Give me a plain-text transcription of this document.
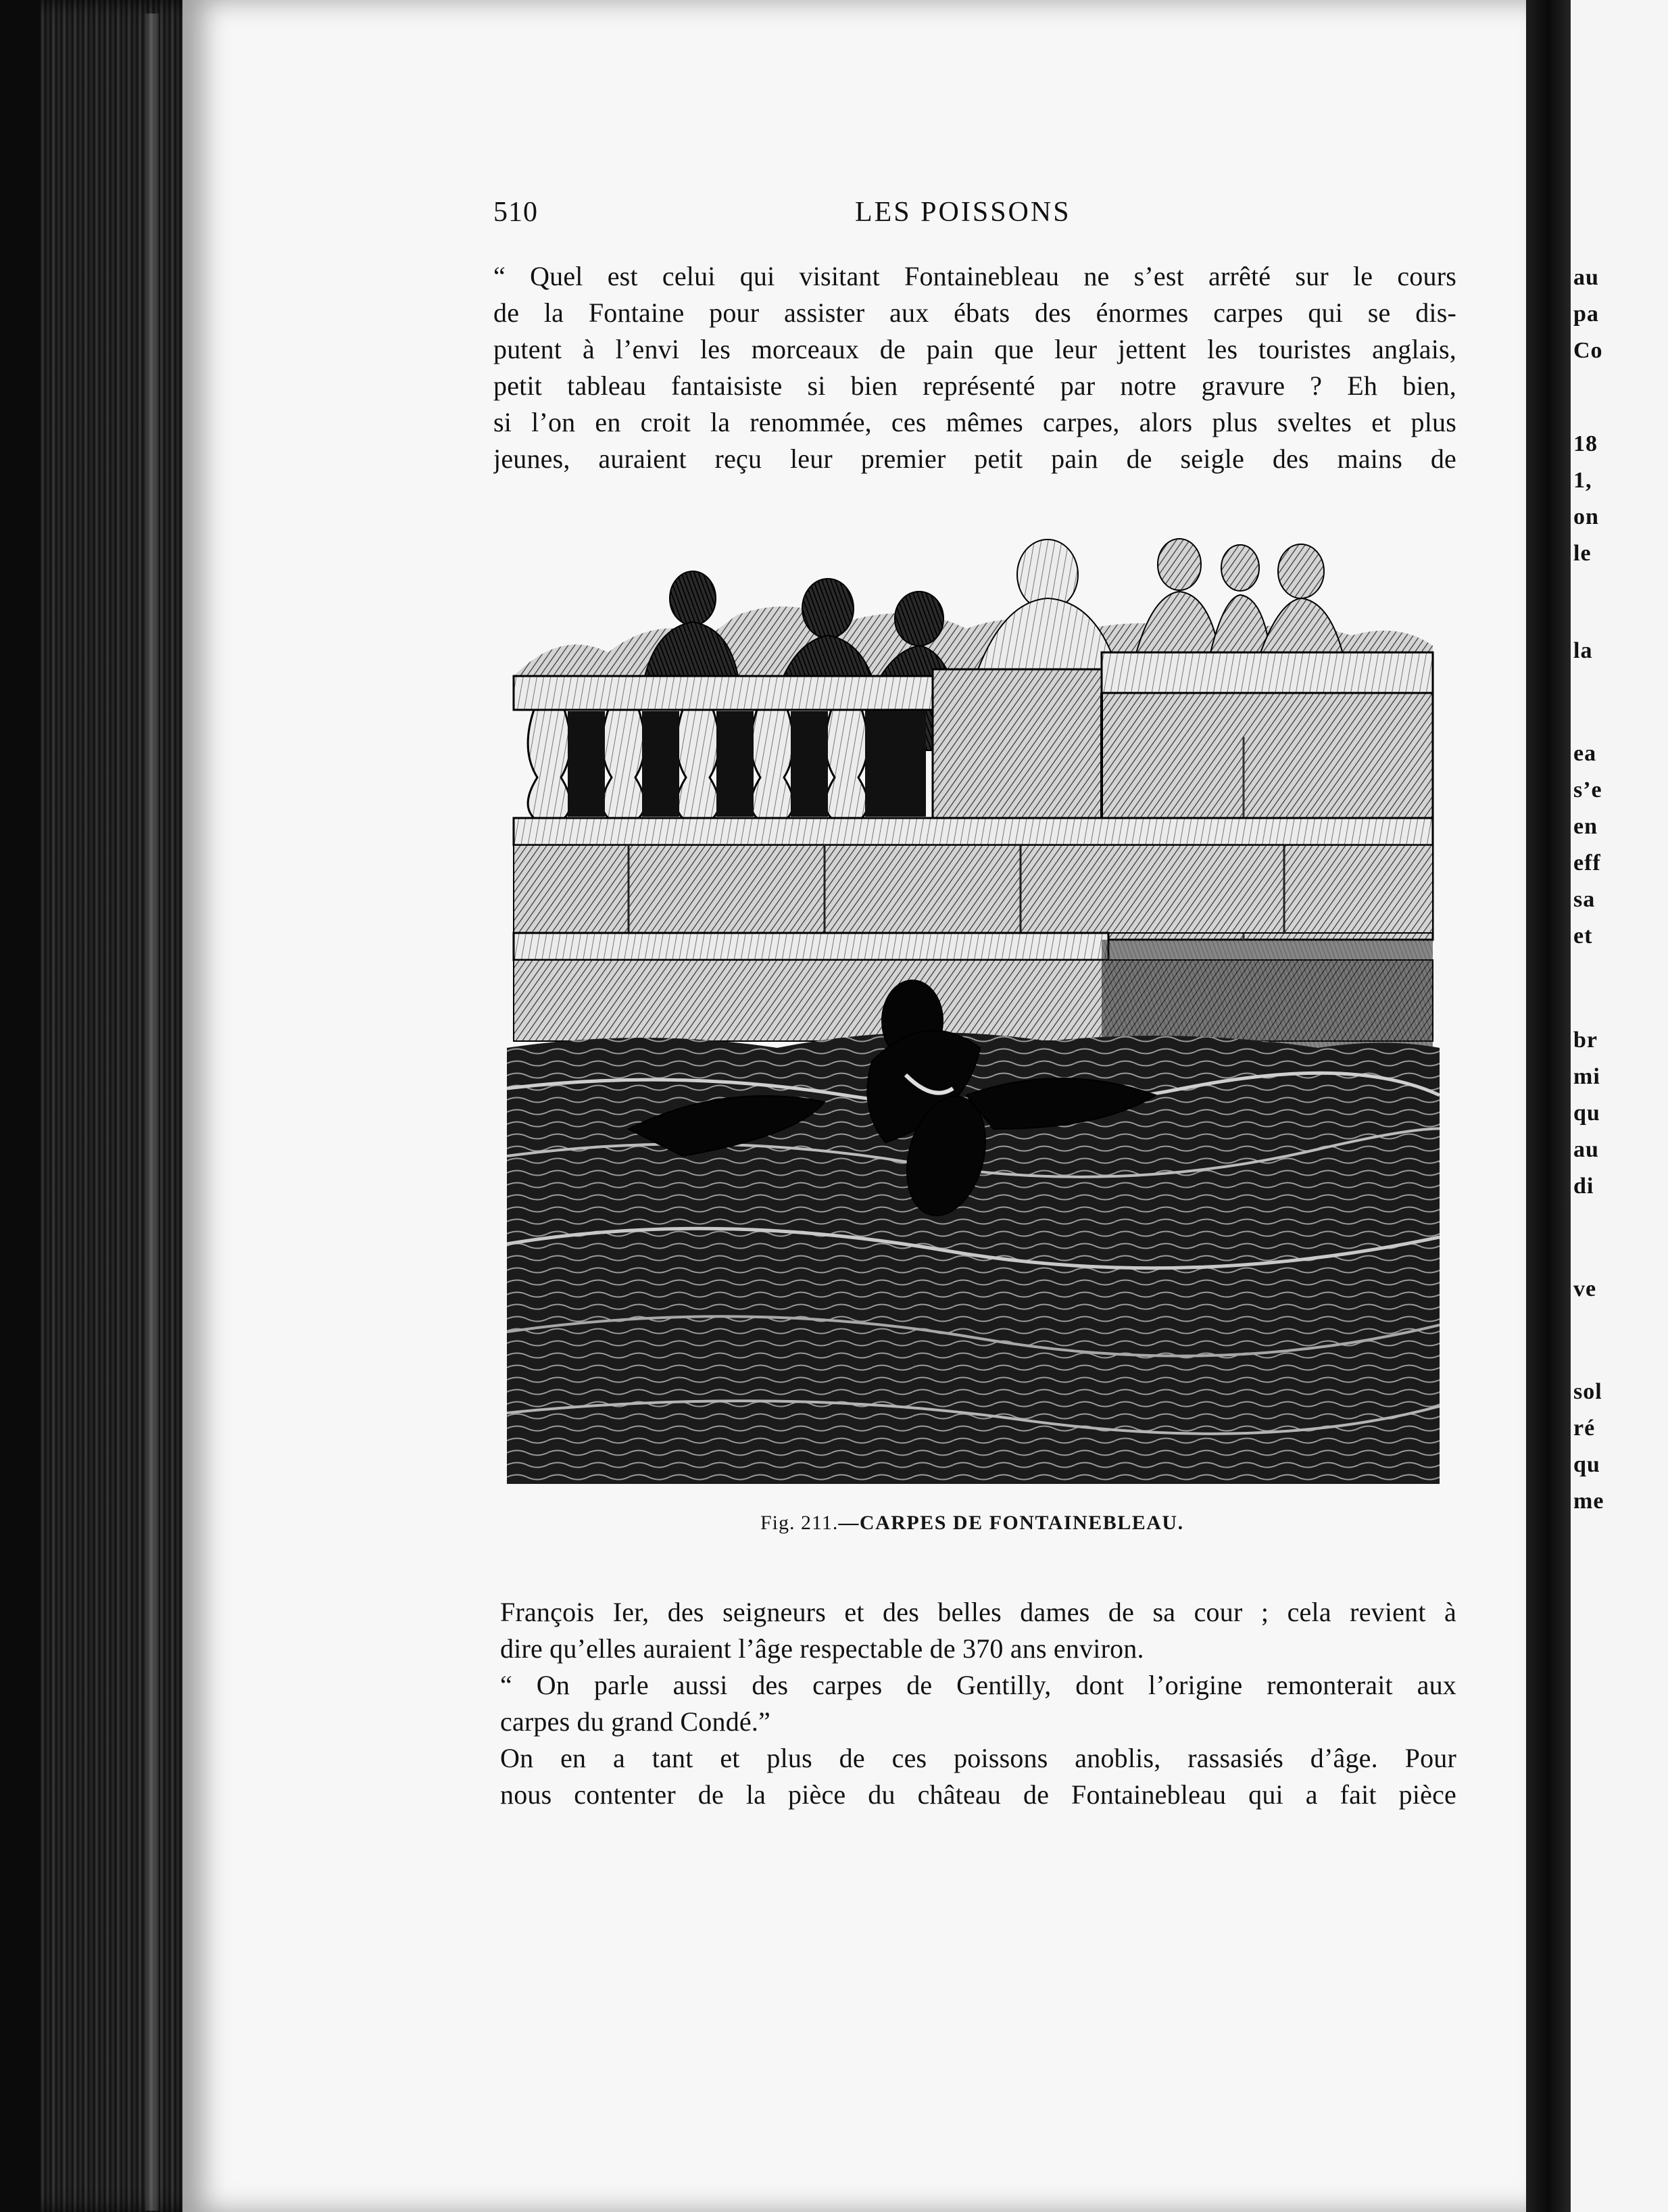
510	LES POISSONS

“ Quel est celui qui visitant Fontainebleau ne s’est arrêté sur le cours
de la Fontaine pour assister aux ébats des énormes carpes qui se dis-
putent à l’envi les morceaux de pain que leur jettent les touristes anglais,
petit tableau fantaisiste si bien représenté par notre gravure ? Eh bien,
si l’on en croit la renommée, ces mêmes carpes, alors plus sveltes et plus
jeunes, auraient reçu leur premier petit pain de seigle des mains de

Fig. 211.—CARPES DE FONTAINEBLEAU.

François Ier, des seigneurs et des belles dames de sa cour ; cela revient à
dire qu’elles auraient l’âge respectable de 370 ans environ.
“ On parle aussi des carpes de Gentilly, dont l’origine remonterait aux
carpes du grand Condé.”
On en a tant et plus de ces poissons anoblis, rassasiés d’âge. Pour
nous contenter de la pièce du château de Fontainebleau qui a fait pièce

au

pa

Co

18

1,

on

le

la

ea

s’e

en

eff

sa

et

br

mi

qu

au

di

ve

sol

ré

qu

me
